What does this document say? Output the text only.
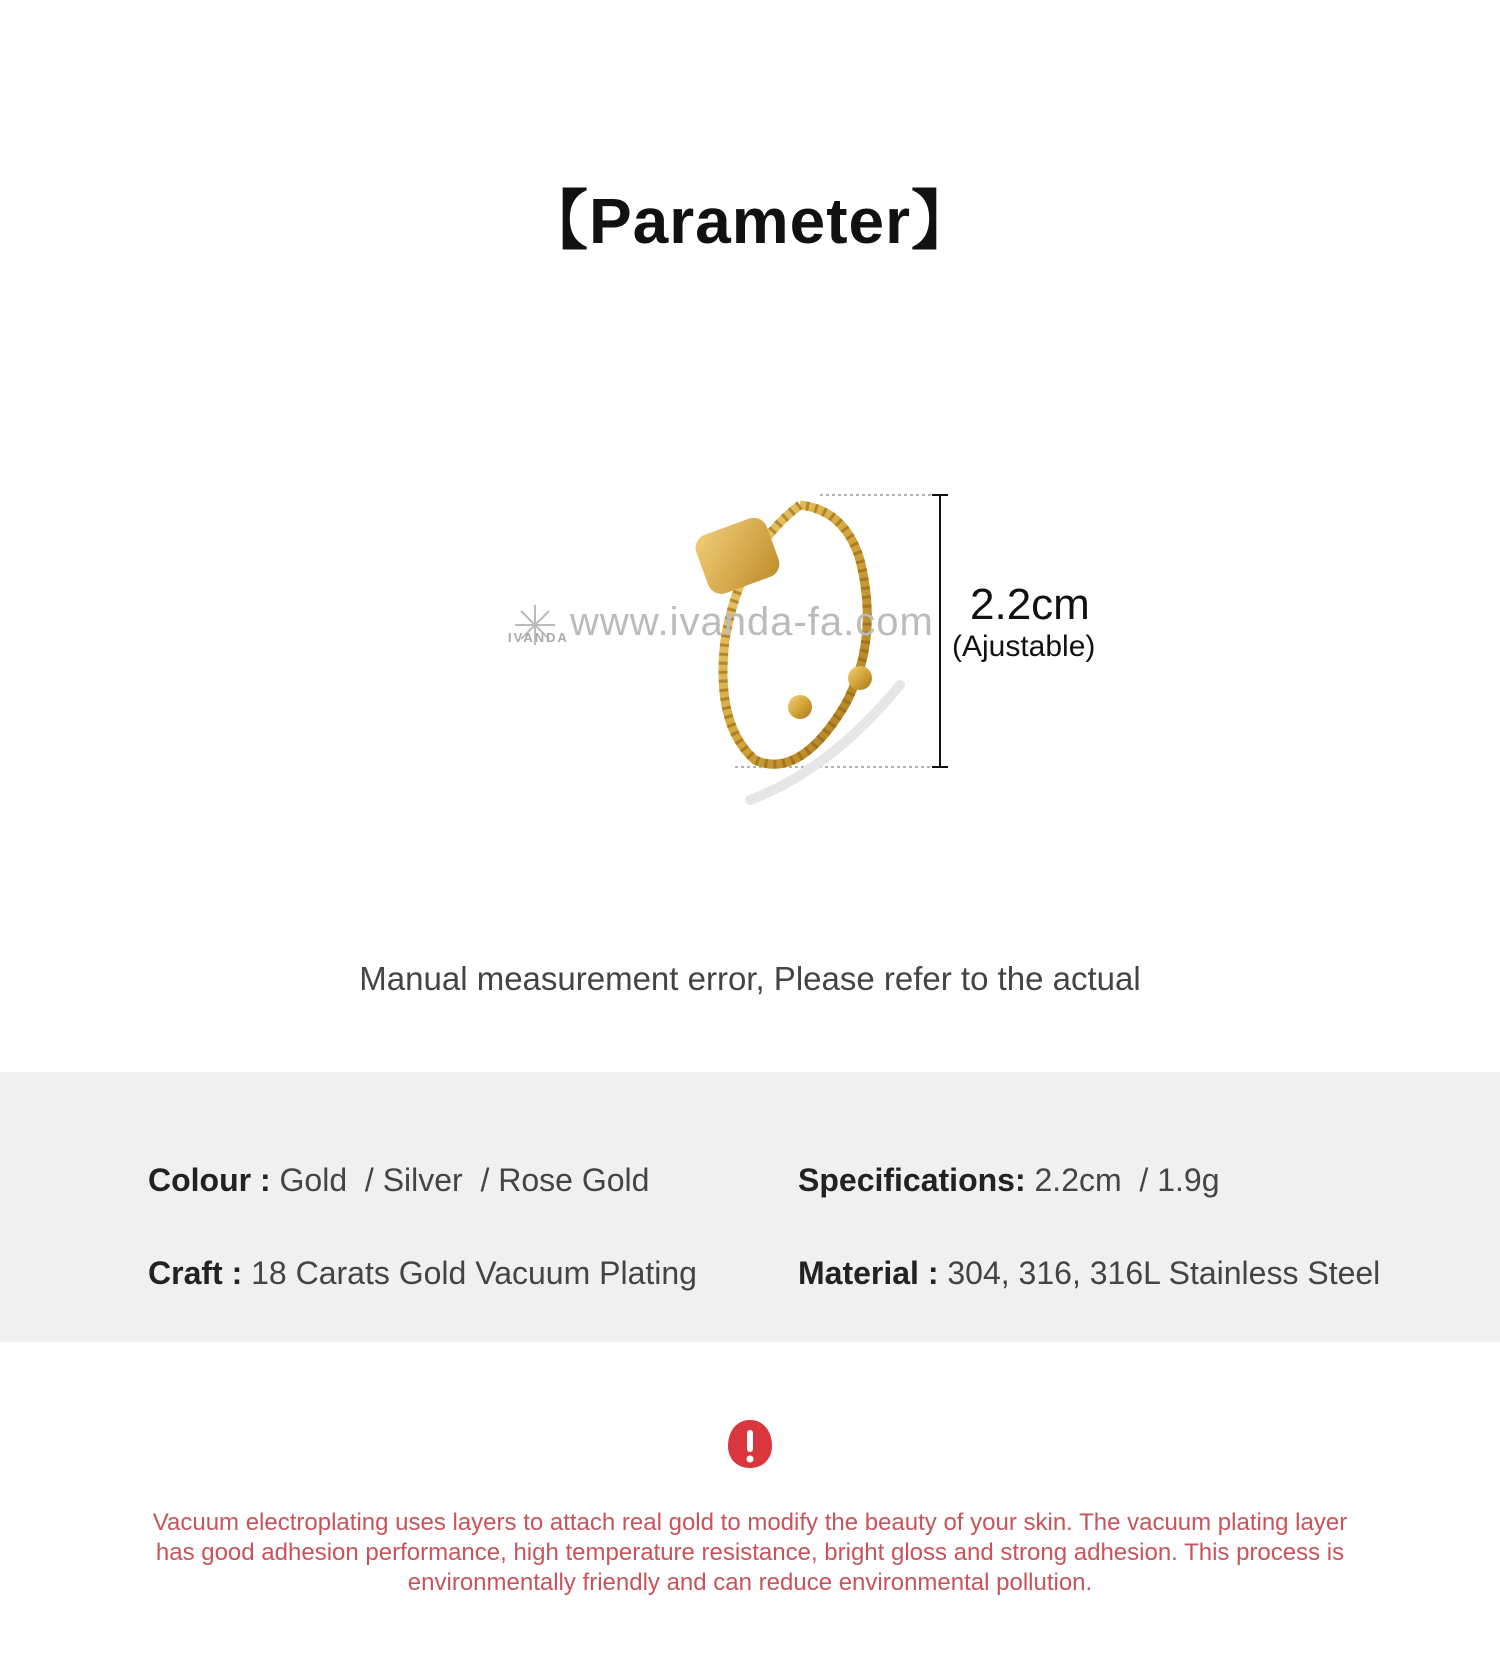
【Parameter】
IVANDA www.ivanda-fa.com 2.2cm
(Ajustable)
Manual measurement error, Please refer to the actual
Colour : Gold  / Silver  / Rose Gold	Specifications: 2.2cm  / 1.9g
Craft : 18 Carats Gold Vacuum Plating	Material : 304, 316, 316L Stainless Steel
Vacuum electroplating uses layers to attach real gold to modify the beauty of your skin. The vacuum plating layer has good adhesion performance, high temperature resistance, bright gloss and strong adhesion. This process is environmentally friendly and can reduce environmental pollution.
